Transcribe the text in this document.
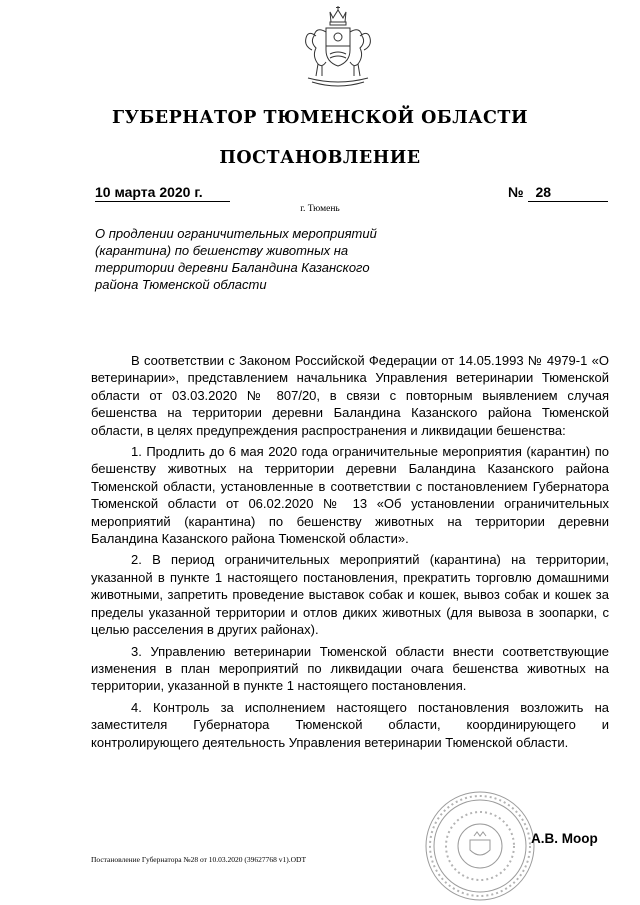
ГУБЕРНАТОР ТЮМЕНСКОЙ ОБЛАСТИ
ПОСТАНОВЛЕНИЕ
10 марта 2020 г.	№ 28
г. Тюмень

О продлении ограничительных мероприятий (карантина) по бешенству животных на территории деревни Баландина Казанского района Тюменской области

В соответствии с Законом Российской Федерации от 14.05.1993 № 4979-1 «О ветеринарии», представлением начальника Управления ветеринарии Тюменской области от 03.03.2020 № 807/20, в связи с повторным выявлением случая бешенства на территории деревни Баландина Казанского района Тюменской области, в целях предупреждения распространения и ликвидации бешенства:

1. Продлить до 6 мая 2020 года ограничительные мероприятия (карантин) по бешенству животных на территории деревни Баландина Казанского района Тюменской области, установленные в соответствии с постановлением Губернатора Тюменской области от 06.02.2020 № 13 «Об установлении ограничительных мероприятий (карантина) по бешенству животных на территории деревни Баландина Казанского района Тюменской области».

2. В период ограничительных мероприятий (карантина) на территории, указанной в пункте 1 настоящего постановления, прекратить торговлю домашними животными, запретить проведение выставок собак и кошек, вывоз собак и кошек за пределы указанной территории и отлов диких животных (для вывоза в зоопарки, с целью расселения в других районах).

3. Управлению ветеринарии Тюменской области внести соответствующие изменения в план мероприятий по ликвидации очага бешенства животных на территории, указанной в пункте 1 настоящего постановления.

4. Контроль за исполнением настоящего постановления возложить на заместителя Губернатора Тюменской области, координирующего и контролирующего деятельность Управления ветеринарии Тюменской области.

А.В. Моор
Постановление Губернатора №28 от 10.03.2020 (39627768 v1).ODT
